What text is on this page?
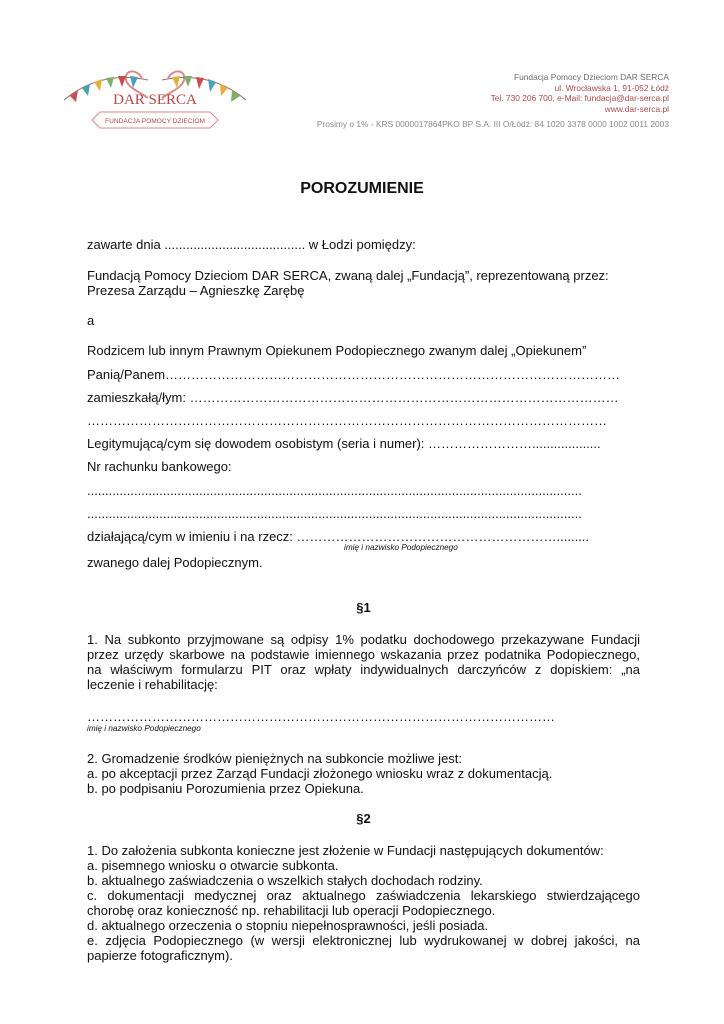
DAR SERCA
FUNDACJA POMOCY DZIECIOM
Fundacja Pomocy Dzieciom DAR SERCA
ul. Wrocławska 1, 91-052 Łódź
Tel. 730 206 700, e-Mail: fundacja@dar-serca.pl
www.dar-serca.pl
Prosimy o 1% - KRS 0000017864PKO BP S.A. III O/Łódź: 84 1020 3378 0000 1002 0011 2003
POROZUMIENIE
zawarte dnia ....................................... w Łodzi pomiędzy:
Fundacją Pomocy Dzieciom DAR SERCA, zwaną dalej „Fundacją”, reprezentowaną przez:
Prezesa Zarządu – Agnieszkę Zarębę
a
Rodzicem lub innym Prawnym Opiekunem Podopiecznego zwanym dalej „Opiekunem”
Panią/Panem……………………………………………………………………………………………
zamieszkałą/łym: ………………………………………………………………………………………
…………………………………………………………………………………………………………
Legitymującą/cym się dowodem osobistym (seria i numer): ……………………...................
Nr rachunku bankowego:
.........................................................................................................................................
.........................................................................................................................................
działającą/cym w imieniu i na rzecz: …………………………………………………….........
imię i nazwisko Podopiecznego
zwanego dalej Podopiecznym.
§1
1. Na subkonto przyjmowane są odpisy 1% podatku dochodowego przekazywane Fundacji
przez urzędy skarbowe na podstawie imiennego wskazania przez podatnika Podopiecznego,
na właściwym formularzu PIT oraz wpłaty indywidualnych darczyńców z dopiskiem: „na
leczenie i rehabilitację:
………………………………………………………………………………………………
imię i nazwisko Podopiecznego
2. Gromadzenie środków pieniężnych na subkoncie możliwe jest:
a. po akceptacji przez Zarząd Fundacji złożonego wniosku wraz z dokumentacją.
b. po podpisaniu Porozumienia przez Opiekuna.
§2
1. Do założenia subkonta konieczne jest złożenie w Fundacji następujących dokumentów:
a. pisemnego wniosku o otwarcie subkonta.
b. aktualnego zaświadczenia o wszelkich stałych dochodach rodziny.
c. dokumentacji medycznej oraz aktualnego zaświadczenia lekarskiego stwierdzającego
chorobę oraz konieczność np. rehabilitacji lub operacji Podopiecznego.
d. aktualnego orzeczenia o stopniu niepełnosprawności, jeśli posiada.
e. zdjęcia Podopiecznego (w wersji elektronicznej lub wydrukowanej w dobrej jakości, na
papierze fotograficznym).
